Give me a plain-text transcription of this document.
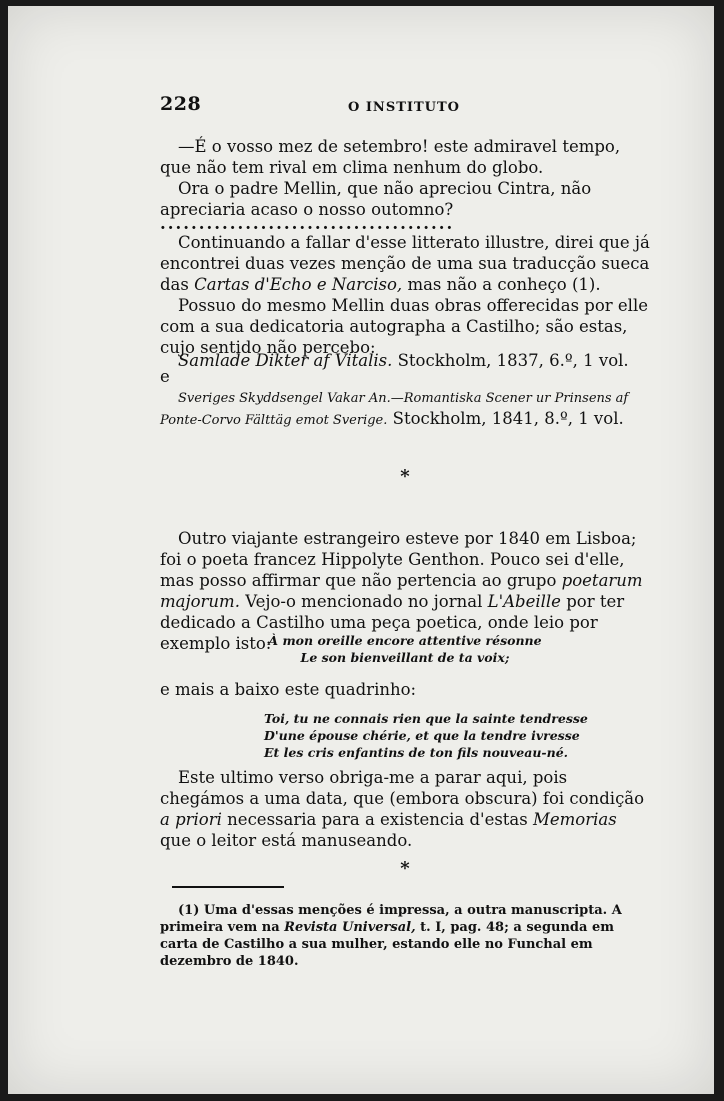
228	O INSTITUTO

—É o vosso mez de setembro! este admiravel tempo, que não tem rival em clima nenhum do globo.

Ora o padre Mellin, que não apreciou Cintra, não apreciaria acaso o nosso outomno?

......................................

Continuando a fallar d'esse litterato illustre, direi que já encontrei duas vezes menção de uma sua traducção sueca das Cartas d'Echo e Narciso, mas não a conheço (1).

Possuo do mesmo Mellin duas obras offerecidas por elle com a sua dedicatoria autographa a Castilho; são estas, cujo sentido não percebo:

Samlade Dikter af Vitalis. Stockholm, 1837, 6.º, 1 vol.

e

Sveriges Skyddsengel Vakar An.—Romantiska Scener ur Prinsens af Ponte-Corvo Fälttäg emot Sverige. Stockholm, 1841, 8.º, 1 vol.

*

Outro viajante estrangeiro esteve por 1840 em Lisboa; foi o poeta francez Hippolyte Genthon. Pouco sei d'elle, mas posso affirmar que não pertencia ao grupo poetarum majorum. Vejo-o mencionado no jornal L'Abeille por ter dedicado a Castilho uma peça poetica, onde leio por exemplo isto:

À mon oreille encore attentive résonne
Le son bienveillant de ta voix;

e mais a baixo este quadrinho:

Toi, tu ne connais rien que la sainte tendresse
D'une épouse chérie, et que la tendre ivresse
Et les cris enfantins de ton fils nouveau-né.

Este ultimo verso obriga-me a parar aqui, pois chegámos a uma data, que (embora obscura) foi condição a priori necessaria para a existencia d'estas Memorias que o leitor está manuseando.

*

(1) Uma d'essas menções é impressa, a outra manuscripta. A primeira vem na Revista Universal, t. I, pag. 48; a segunda em carta de Castilho a sua mulher, estando elle no Funchal em dezembro de 1840.
